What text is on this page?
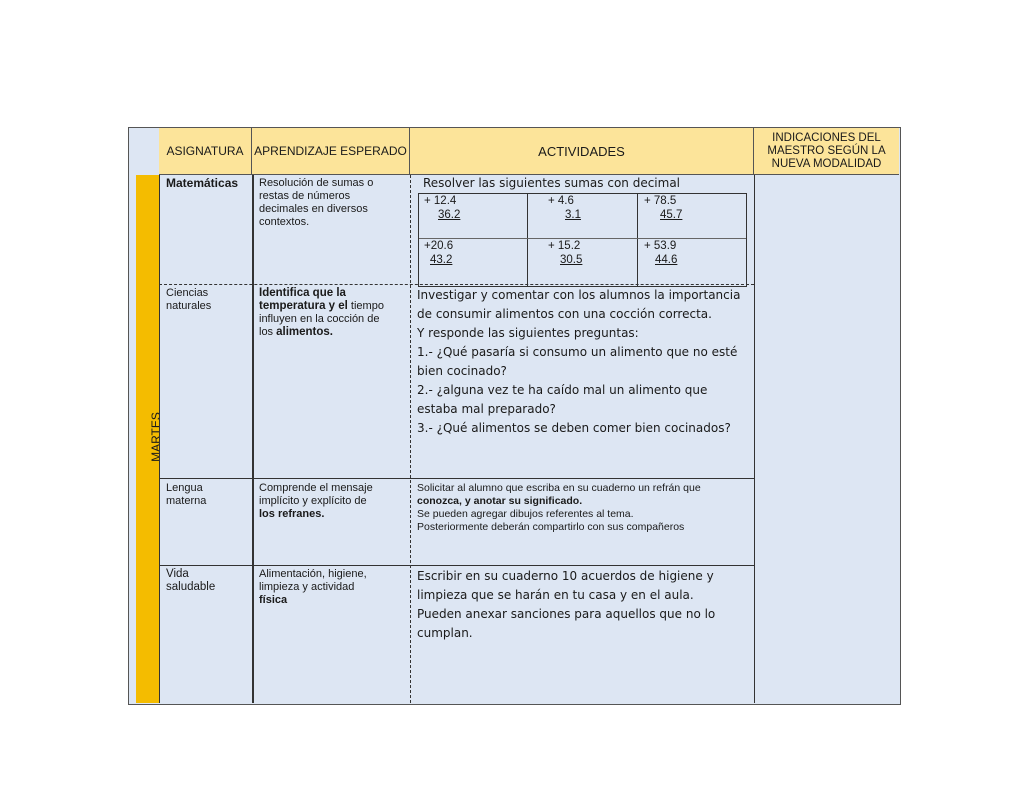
ASIGNATURA APRENDIZAJE ESPERADO	ACTIVIDADES
INDICACIONES DEL MAESTRO SEGÚN LA NUEVA MODALIDAD
MARTES
Matemáticas Resolución de sumas o restas de números decimales en diversos contextos.
Resolver las siguientes sumas con decimal
+ 12.4
36.2
+ 4.6
3.1
+ 78.5
45.7
+20.6
43.2
+ 15.2
30.5
+ 53.9
44.6
Ciencias naturales
Identifica que la temperatura y el tiempo influyen en la cocción de los alimentos.
Investigar y comentar con los alumnos la importancia de consumir alimentos con una cocción correcta.
Y responde las siguientes preguntas:
1.- ¿Qué pasaría si consumo un alimento que no esté bien cocinado?
2.- ¿alguna vez te ha caído mal un alimento que estaba mal preparado?
3.- ¿Qué alimentos se deben comer bien cocinados?
Lengua materna
Comprende el mensaje implícito y explícito de los refranes.
Solicitar al alumno que escriba en su cuaderno un refrán que
conozca, y anotar su significado.
Se pueden agregar dibujos referentes al tema.
Posteriormente deberán compartirlo con sus compañeros
Vida saludable
Alimentación, higiene, limpieza y actividad física
Escribir en su cuaderno 10 acuerdos de higiene y limpieza que se harán en tu casa y en el aula.
Pueden anexar sanciones para aquellos que no lo cumplan.
